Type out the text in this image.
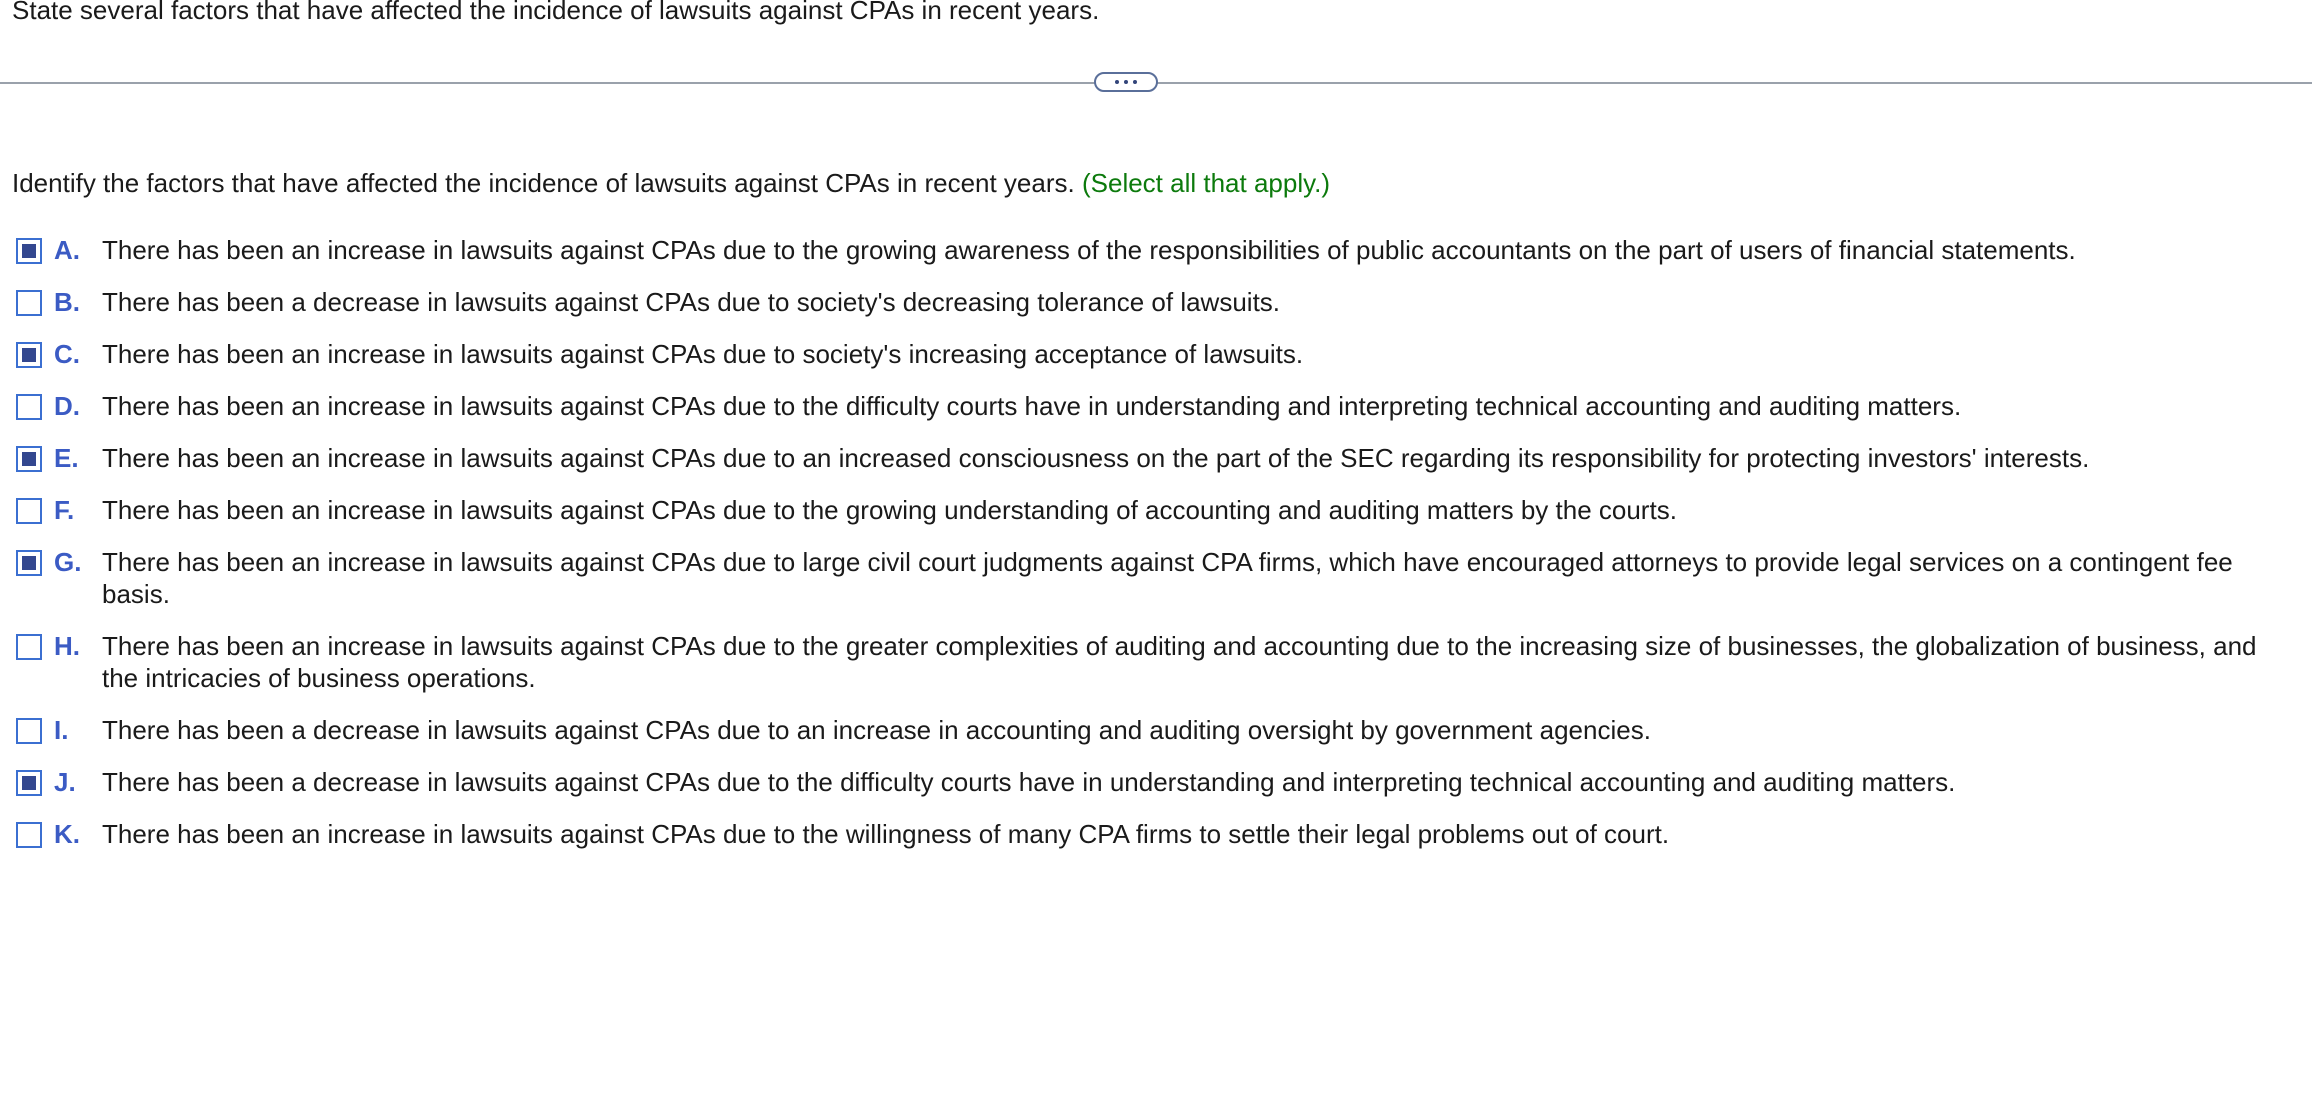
State several factors that have affected the incidence of lawsuits against CPAs in recent years.
Identify the factors that have affected the incidence of lawsuits against CPAs in recent years. (Select all that apply.)
A. There has been an increase in lawsuits against CPAs due to the growing awareness of the responsibilities of public accountants on the part of users of financial statements.
B. There has been a decrease in lawsuits against CPAs due to society's decreasing tolerance of lawsuits.
C. There has been an increase in lawsuits against CPAs due to society's increasing acceptance of lawsuits.
D. There has been an increase in lawsuits against CPAs due to the difficulty courts have in understanding and interpreting technical accounting and auditing matters.
E. There has been an increase in lawsuits against CPAs due to an increased consciousness on the part of the SEC regarding its responsibility for protecting investors' interests.
F.	There has been an increase in lawsuits against CPAs due to the growing understanding of accounting and auditing matters by the courts.
G. There has been an increase in lawsuits against CPAs due to large civil court judgments against CPA firms, which have encouraged attorneys to provide legal services on a contingent fee basis.
H. There has been an increase in lawsuits against CPAs due to the greater complexities of auditing and accounting due to the increasing size of businesses, the globalization of business, and the intricacies of business operations.
I.	There has been a decrease in lawsuits against CPAs due to an increase in accounting and auditing oversight by government agencies.
J.	There has been a decrease in lawsuits against CPAs due to the difficulty courts have in understanding and interpreting technical accounting and auditing matters.
K. There has been an increase in lawsuits against CPAs due to the willingness of many CPA firms to settle their legal problems out of court.
